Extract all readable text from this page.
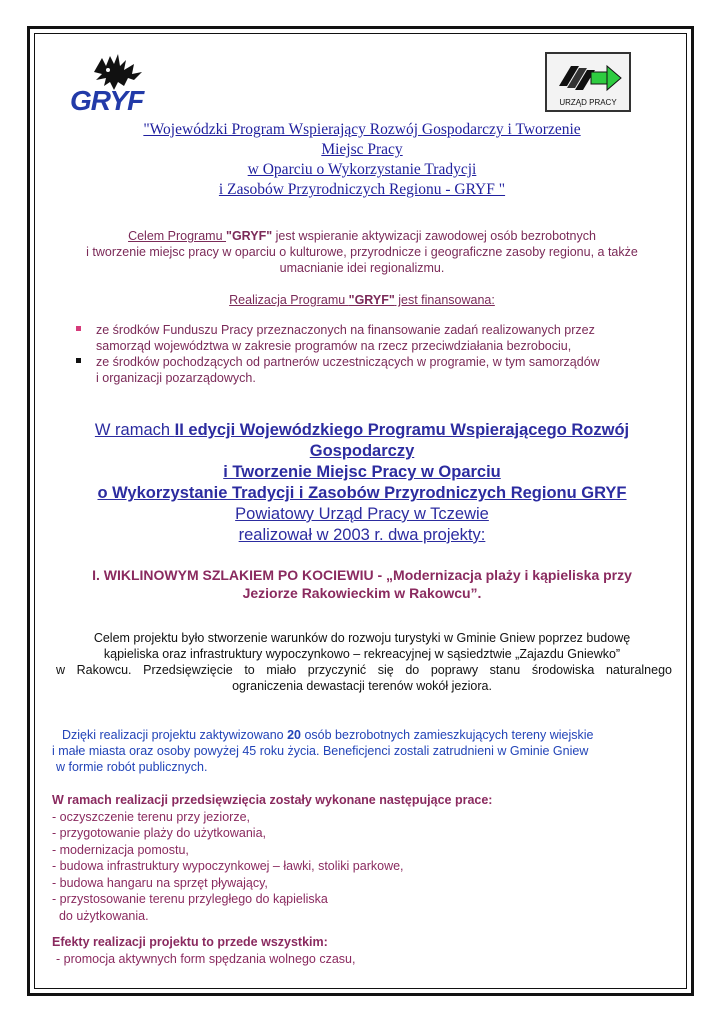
GRYF	URZĄD PRACY
"Wojewódzki Program Wspierający Rozwój Gospodarczy i Tworzenie
Miejsc Pracy
w Oparciu o Wykorzystanie Tradycji
i Zasobów Przyrodniczych Regionu - GRYF "
Celem Programu "GRYF" jest wspieranie aktywizacji zawodowej osób bezrobotnych
i tworzenie miejsc pracy w oparciu o kulturowe, przyrodnicze i geograficzne zasoby regionu, a także
umacnianie idei regionalizmu.
Realizacja Programu "GRYF" jest finansowana:
ze środków Funduszu Pracy przeznaczonych na finansowanie zadań realizowanych przez
samorząd województwa w zakresie programów na rzecz przeciwdziałania bezrobociu,
ze środków pochodzących od partnerów uczestniczących w programie, w tym samorządów
i organizacji pozarządowych.
W ramach II edycji Wojewódzkiego Programu Wspierającego Rozwój
Gospodarczy
i Tworzenie Miejsc Pracy w Oparciu
o Wykorzystanie Tradycji i Zasobów Przyrodniczych Regionu GRYF
Powiatowy Urząd Pracy w Tczewie
realizował w 2003 r. dwa projekty:
I. WIKLINOWYM SZLAKIEM PO KOCIEWIU - „Modernizacja plaży i kąpieliska przy
Jeziorze Rakowieckim w Rakowcu”.
Celem projektu było stworzenie warunków do rozwoju turystyki w Gminie Gniew poprzez budowę
kąpieliska oraz infrastruktury wypoczynkowo – rekreacyjnej w sąsiedztwie „Zajazdu Gniewko”
w Rakowcu. Przedsięwzięcie to miało przyczynić się do poprawy stanu środowiska naturalnego
ograniczenia dewastacji terenów wokół jeziora.
Dzięki realizacji projektu zaktywizowano 20 osób bezrobotnych zamieszkujących tereny wiejskie
i małe miasta oraz osoby powyżej 45 roku życia. Beneficjenci zostali zatrudnieni w Gminie Gniew
w formie robót publicznych.
W ramach realizacji przedsięwzięcia zostały wykonane następujące prace:
- oczyszczenie terenu przy jeziorze,
- przygotowanie plaży do użytkowania,
- modernizacja pomostu,
- budowa infrastruktury wypoczynkowej – ławki, stoliki parkowe,
- budowa hangaru na sprzęt pływający,
- przystosowanie terenu przyległego do kąpieliska
do użytkowania.
Efekty realizacji projektu to przede wszystkim:
- promocja aktywnych form spędzania wolnego czasu,
